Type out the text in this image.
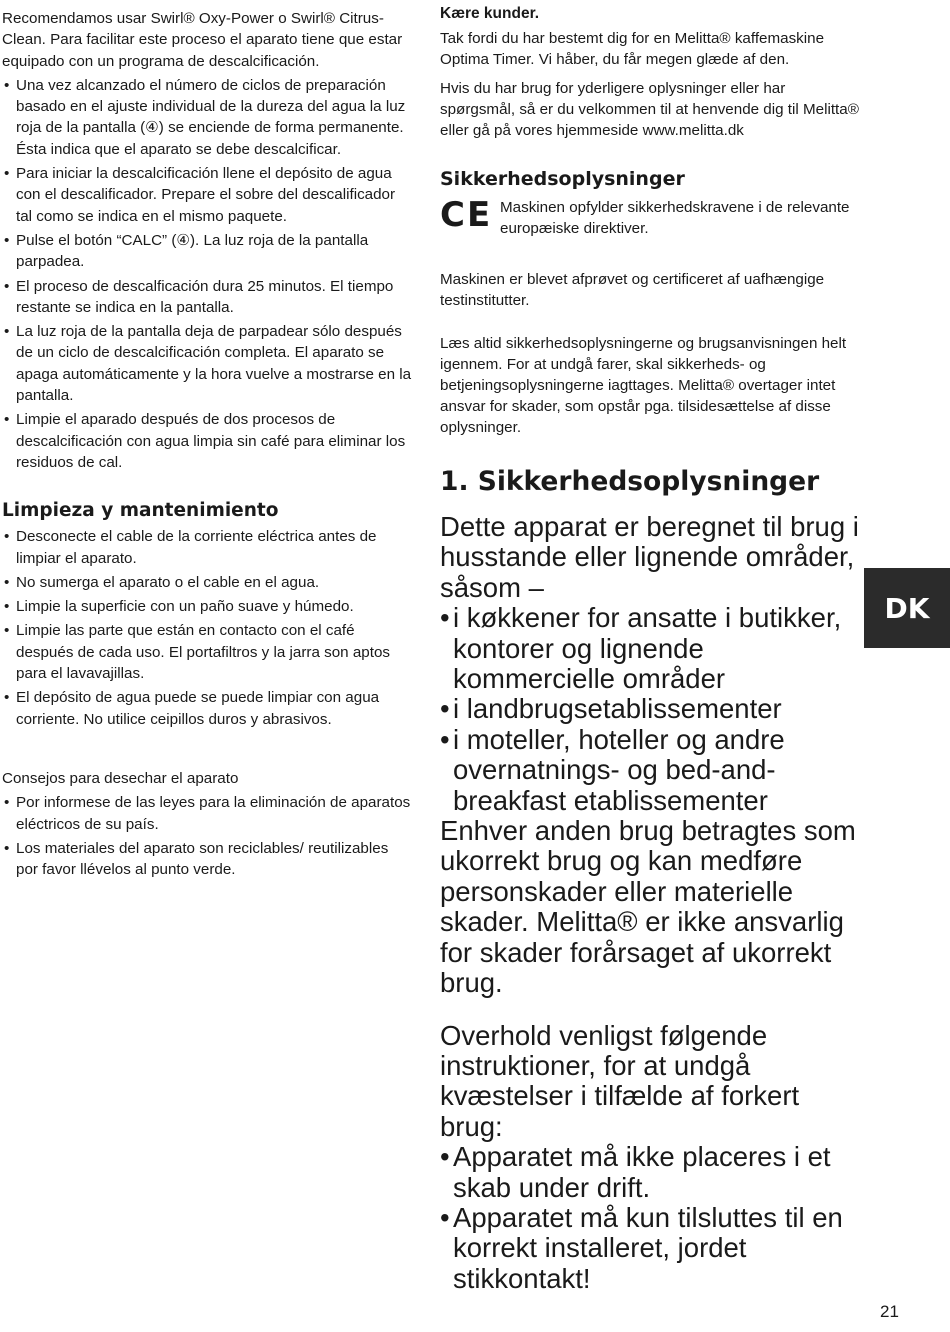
Recomendamos usar Swirl® Oxy-Power o Swirl® Citrus-Clean. Para facilitar este proceso el aparato tiene que estar equipado con un programa de descalcificación.

• Una vez alcanzado el número de ciclos de preparación basado en el ajuste individual de la dureza del agua la luz roja de la pantalla (④) se enciende de forma permanente. Ésta indica que el aparato se debe descalcificar.
• Para iniciar la descalcificación llene el depósito de agua con el descalificador. Prepare el sobre del descalificador tal como se indica en el mismo paquete.
• Pulse el botón “CALC” (④). La luz roja de la pantalla parpadea.
• El proceso de descalficación dura 25 minutos. El tiempo restante se indica en la pantalla.
• La luz roja de la pantalla deja de parpadear sólo después de un ciclo de descalcificación completa. El aparato se apaga automáticamente y la hora vuelve a mostrarse en la pantalla.
• Limpie el aparado después de dos procesos de descalcificación con agua limpia sin café para eliminar los residuos de cal.
Limpieza y mantenimiento
• Desconecte el cable de la corriente eléctrica antes de limpiar el aparato.
• No sumerga el aparato o el cable en el agua.
• Limpie la superficie con un paño suave y húmedo.
• Limpie las parte que están en contacto con el café después de cada uso. El portafiltros y la jarra son aptos para el lavavajillas.
• El depósito de agua puede se puede limpiar con agua corriente. No utilice ceipillos duros y abrasivos.

Consejos para desechar el aparato

• Por informese de las leyes para la eliminación de aparatos eléctricos de su país.
• Los materiales del aparato son reciclables/ reutilizables por favor llévelos al punto verde.
Kære kunder.

Tak fordi du har bestemt dig for en Melitta® kaffemaskine Optima Timer. Vi håber, du får megen glæde af den.

Hvis du har brug for yderligere oplysninger eller har spørgsmål, så er du velkommen til at henvende dig til Melitta® eller gå på vores hjemmeside www.melitta.dk

Sikkerhedsoplysninger
CE Maskinen opfylder sikkerhedskravene i de relevante europæiske direktiver.

Maskinen er blevet afprøvet og certificeret af uafhængige testinstitutter.

Læs altid sikkerhedsoplysningerne og brugsanvisningen helt igennem. For at undgå farer, skal sikkerheds- og betjeningsoplysningerne iagttages. Melitta® overtager intet ansvar for skader, som opstår pga. tilsidesættelse af disse oplysninger.

1. Sikkerhedsoplysninger

Dette apparat er beregnet til brug i husstande eller lignende områder, såsom –

• i køkkener for ansatte i butikker, kontorer og lignende kommercielle områder
• i landbrugsetablissementer
• i moteller, hoteller og andre overnatnings- og bed-and-breakfast etablissementer

Enhver anden brug betragtes som ukorrekt brug og kan medføre personskader eller materielle skader. Melitta® er ikke ansvarlig for skader forårsaget af ukorrekt brug.

Overhold venligst følgende instruktioner, for at undgå kvæstelser i tilfælde af forkert brug:

• Apparatet må ikke placeres i et skab under drift.
• Apparatet må kun tilsluttes til en korrekt installeret, jordet stikkontakt!
DK
21
